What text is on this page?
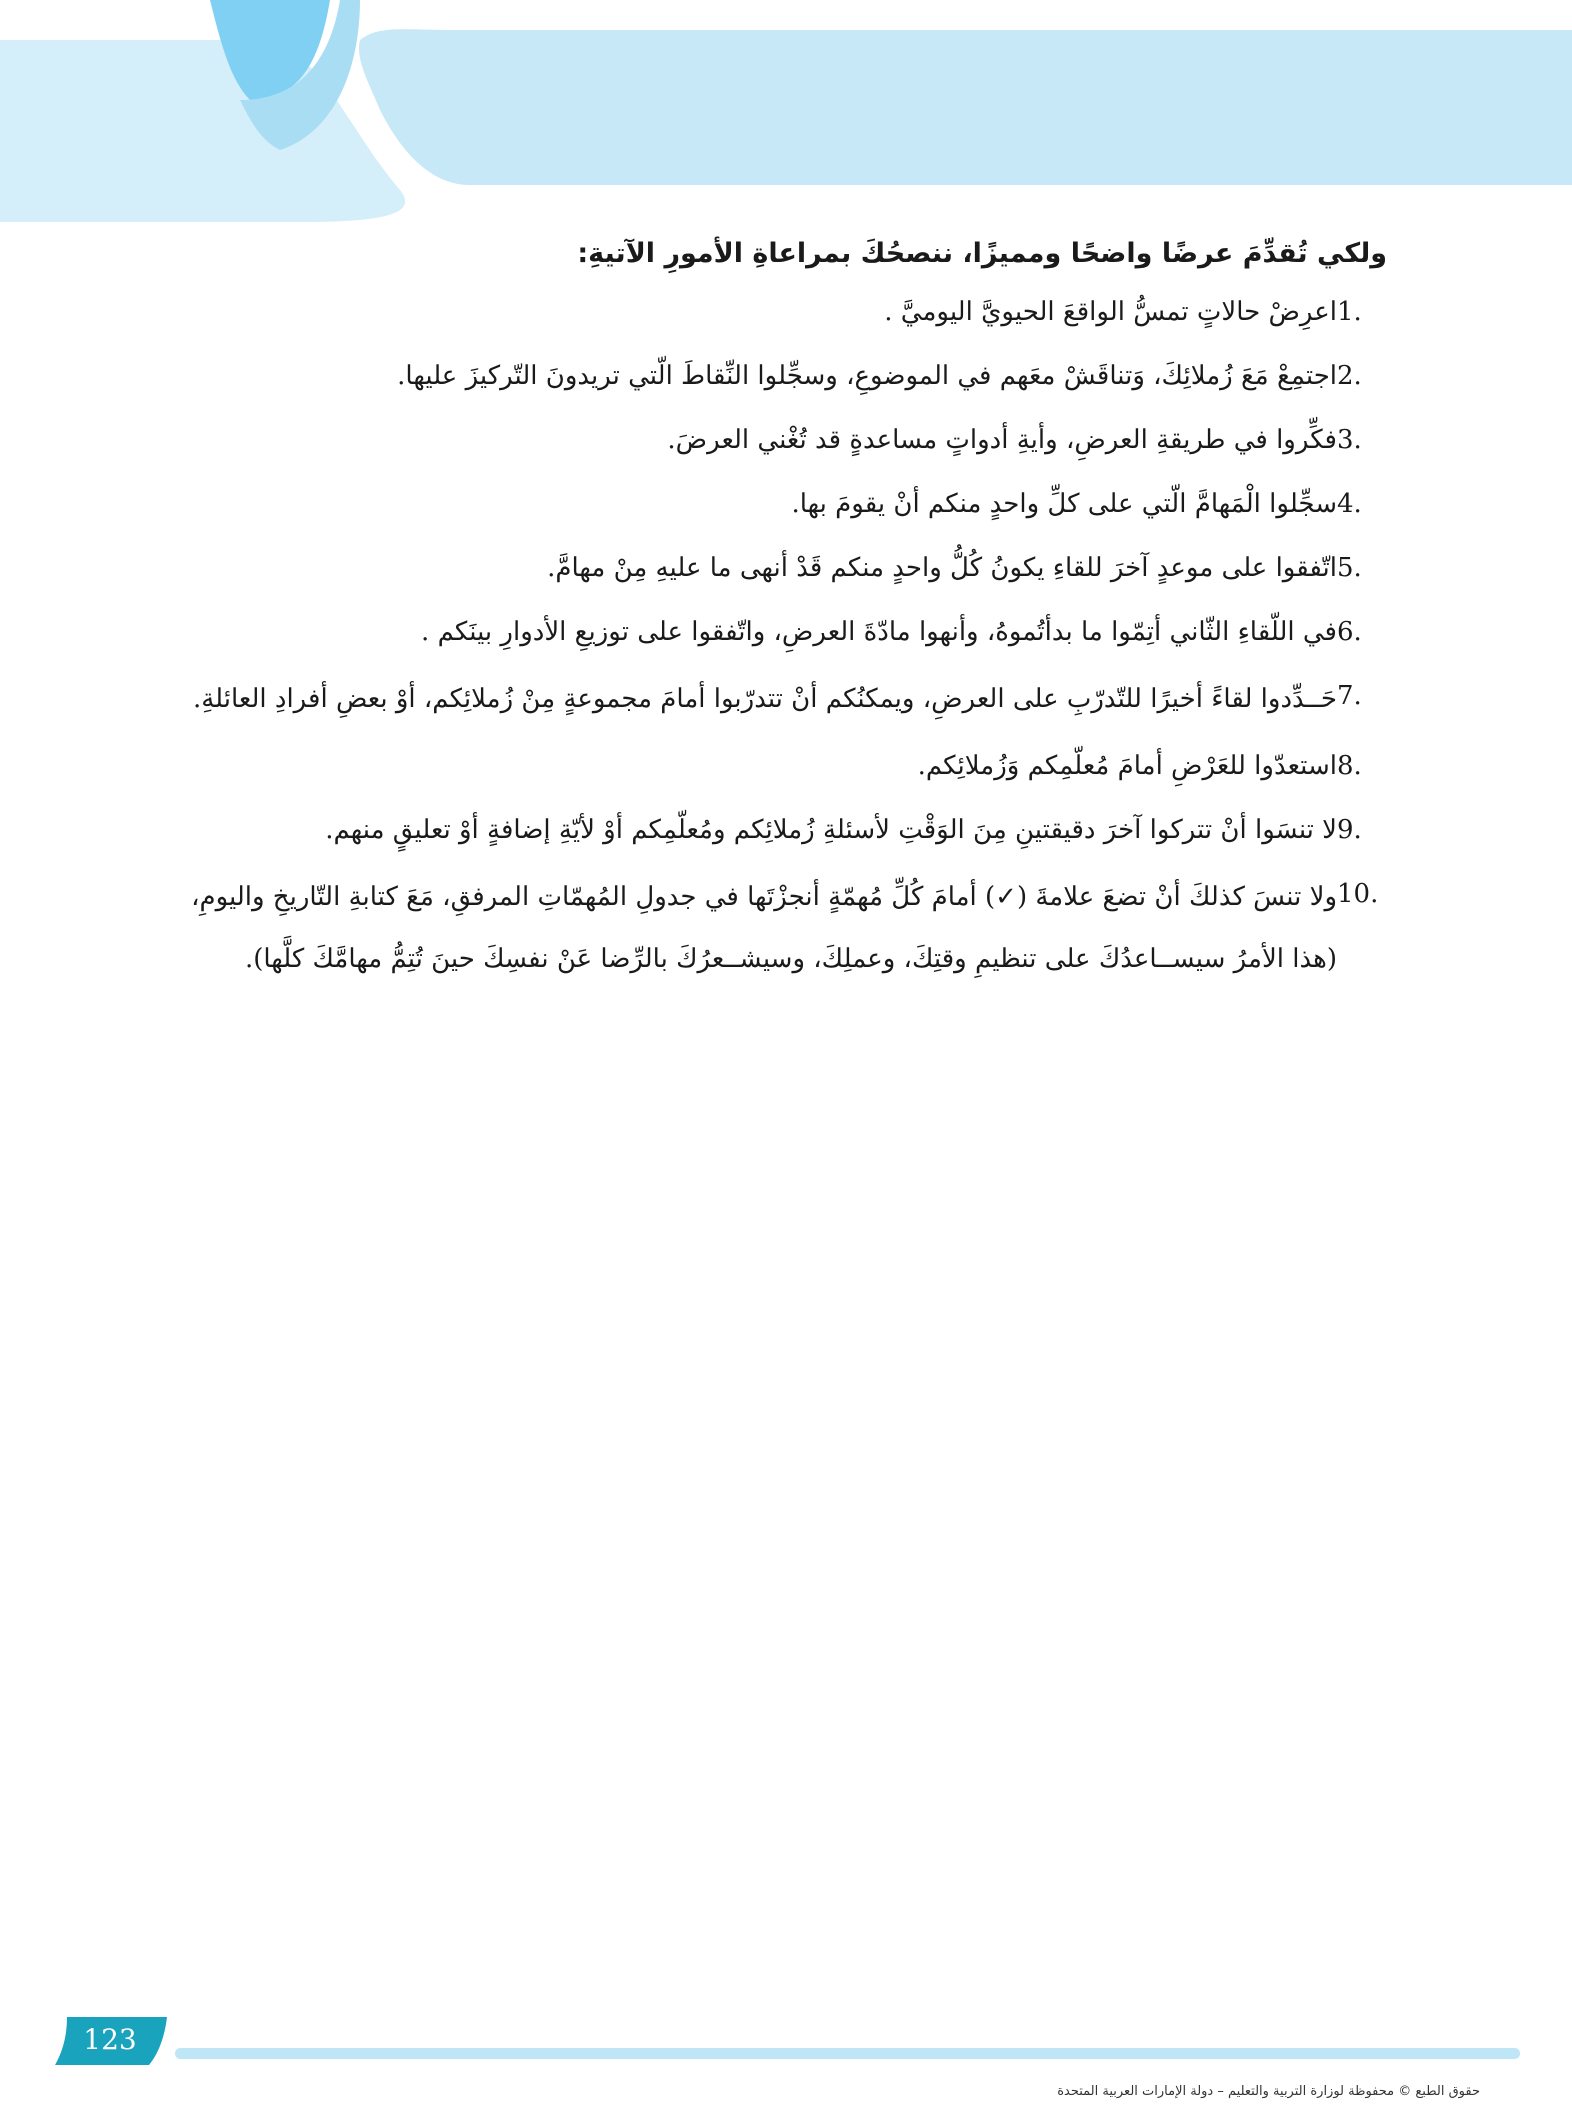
ولكي تُقدِّمَ عرضًا واضحًا ومميزًا، ننصحُكَ بمراعاةِ الأمورِ الآتيةِ:

1.
اعرِضْ حالاتٍ تمسُّ الواقعَ الحيويَّ اليوميَّ .
2.
اجتمِعْ مَعَ زُملائِكَ، وَتناقَشْ معَهم في الموضوعِ، وسجِّلوا النِّقاطَ الّتي تريدونَ التّركيزَ عليها.
3.
فكِّروا في طريقةِ العرضِ، وأيةِ أدواتٍ مساعدةٍ قد تُغْني العرضَ.
4.
سجِّلوا الْمَهامَّ الّتي على كلِّ واحدٍ منكم أنْ يقومَ بها.
5.
اتّفقوا على موعدٍ آخرَ للقاءِ يكونُ كُلُّ واحدٍ منكم قَدْ أنهى ما عليهِ مِنْ مهامَّ.
6.
في اللّقاءِ الثّاني أتِمّوا ما بدأتُموهُ، وأنهوا مادّةَ العرضِ، واتّفقوا على توزيعِ الأدوارِ بينَكم .
7.
حَــدِّدوا لقاءً أخيرًا للتّدرّبِ على العرضِ، ويمكنُكم أنْ تتدرّبوا أمامَ مجموعةٍ مِنْ زُملائِكم، أوْ بعضِ أفرادِ العائلةِ.
8.
استعدّوا للعَرْضِ أمامَ مُعلّمِكم وَزُملائِكم.
9.
لا تنسَوا أنْ تتركوا آخرَ دقيقتينِ مِنَ الوَقْتِ لأسئلةِ زُملائِكم ومُعلّمِكم أوْ لأيّةِ إضافةٍ أوْ تعليقٍ منهم.
10.
ولا تنسَ كذلكَ أنْ تضعَ علامةَ (✓) أمامَ كُلِّ مُهمّةٍ أنجزْتَها في جدولِ المُهمّاتِ المرفقِ، مَعَ كتابةِ التّاريخِ واليومِ، (هذا الأمرُ سيســاعدُكَ على تنظيمِ وقتِكَ، وعملِكَ، وسيشــعرُكَ بالرِّضا عَنْ نفسِكَ حينَ تُتِمُّ مهامَّكَ كلَّها).
123
حقوق الطبع © محفوظة لوزارة التربية والتعليم – دولة الإمارات العربية المتحدة
